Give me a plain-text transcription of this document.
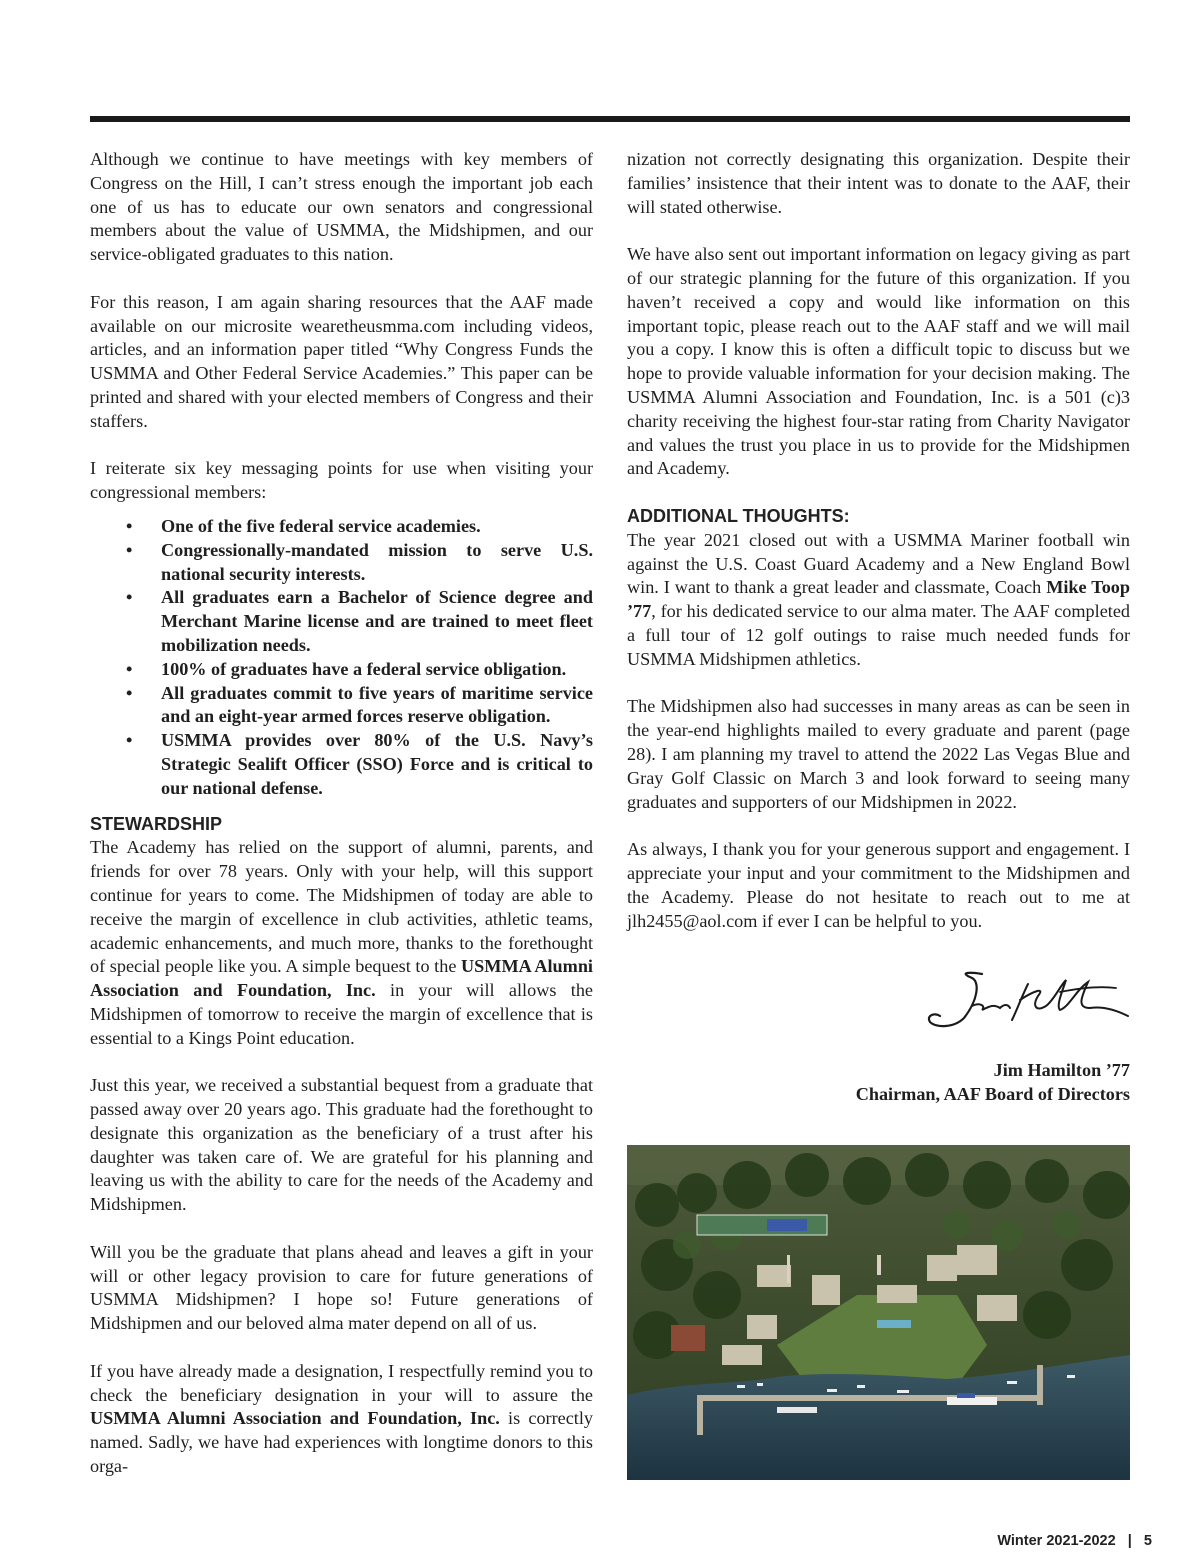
Although we continue to have meetings with key members of Congress on the Hill, I can’t stress enough the important job each one of us has to educate our own senators and congressional members about the value of USMMA, the Midshipmen, and our service-obligated graduates to this nation.

For this reason, I am again sharing resources that the AAF made available on our microsite wearetheusmma.com including videos, articles, and an information paper titled “Why Congress Funds the USMMA and Other Federal Service Academies.” This paper can be printed and shared with your elected members of Congress and their staffers.

I reiterate six key messaging points for use when visiting your congressional members:

• One of the five federal service academies.
• Congressionally-mandated mission to serve U.S. national security interests.
• All graduates earn a Bachelor of Science degree and Merchant Marine license and are trained to meet fleet mobilization needs.
• 100% of graduates have a federal service obligation.
• All graduates commit to five years of maritime service and an eight-year armed forces reserve obligation.
• USMMA provides over 80% of the U.S. Navy’s Strategic Sealift Officer (SSO) Force and is critical to our national defense.
STEWARDSHIP

The Academy has relied on the support of alumni, parents, and friends for over 78 years. Only with your help, will this support continue for years to come. The Midshipmen of today are able to receive the margin of excellence in club activities, athletic teams, academic enhancements, and much more, thanks to the forethought of special people like you. A simple bequest to the USMMA Alumni Association and Foundation, Inc. in your will allows the Midshipmen of tomorrow to receive the margin of excellence that is essential to a Kings Point education.

Just this year, we received a substantial bequest from a graduate that passed away over 20 years ago. This graduate had the forethought to designate this organization as the beneficiary of a trust after his daughter was taken care of. We are grateful for his planning and leaving us with the ability to care for the needs of the Academy and Midshipmen.

Will you be the graduate that plans ahead and leaves a gift in your will or other legacy provision to care for future generations of USMMA Midshipmen? I hope so! Future generations of Midshipmen and our beloved alma mater depend on all of us.

If you have already made a designation, I respectfully remind you to check the beneficiary designation in your will to assure the USMMA Alumni Association and Foundation, Inc. is correctly named. Sadly, we have had experiences with longtime donors to this orga-

nization not correctly designating this organization. Despite their families’ insistence that their intent was to donate to the AAF, their will stated otherwise.

We have also sent out important information on legacy giving as part of our strategic planning for the future of this organization. If you haven’t received a copy and would like information on this important topic, please reach out to the AAF staff and we will mail you a copy. I know this is often a difficult topic to discuss but we hope to provide valuable information for your decision making. The USMMA Alumni Association and Foundation, Inc. is a 501 (c)3 charity receiving the highest four-star rating from Charity Navigator and values the trust you place in us to provide for the Midshipmen and Academy.

ADDITIONAL THOUGHTS:

The year 2021 closed out with a USMMA Mariner football win against the U.S. Coast Guard Academy and a New England Bowl win. I want to thank a great leader and classmate, Coach Mike Toop ’77, for his dedicated service to our alma mater. The AAF completed a full tour of 12 golf outings to raise much needed funds for USMMA Midshipmen athletics.

The Midshipmen also had successes in many areas as can be seen in the year-end highlights mailed to every graduate and parent (page 28). I am planning my travel to attend the 2022 Las Vegas Blue and Gray Golf Classic on March 3 and look forward to seeing many graduates and supporters of our Midshipmen in 2022.

As always, I thank you for your generous support and engagement. I appreciate your input and your commitment to the Midshipmen and the Academy. Please do not hesitate to reach out to me at jlh2455@aol.com if ever I can be helpful to you.

Jim Hamilton ’77
Chairman, AAF Board of Directors
Winter 2021-2022 | 5
